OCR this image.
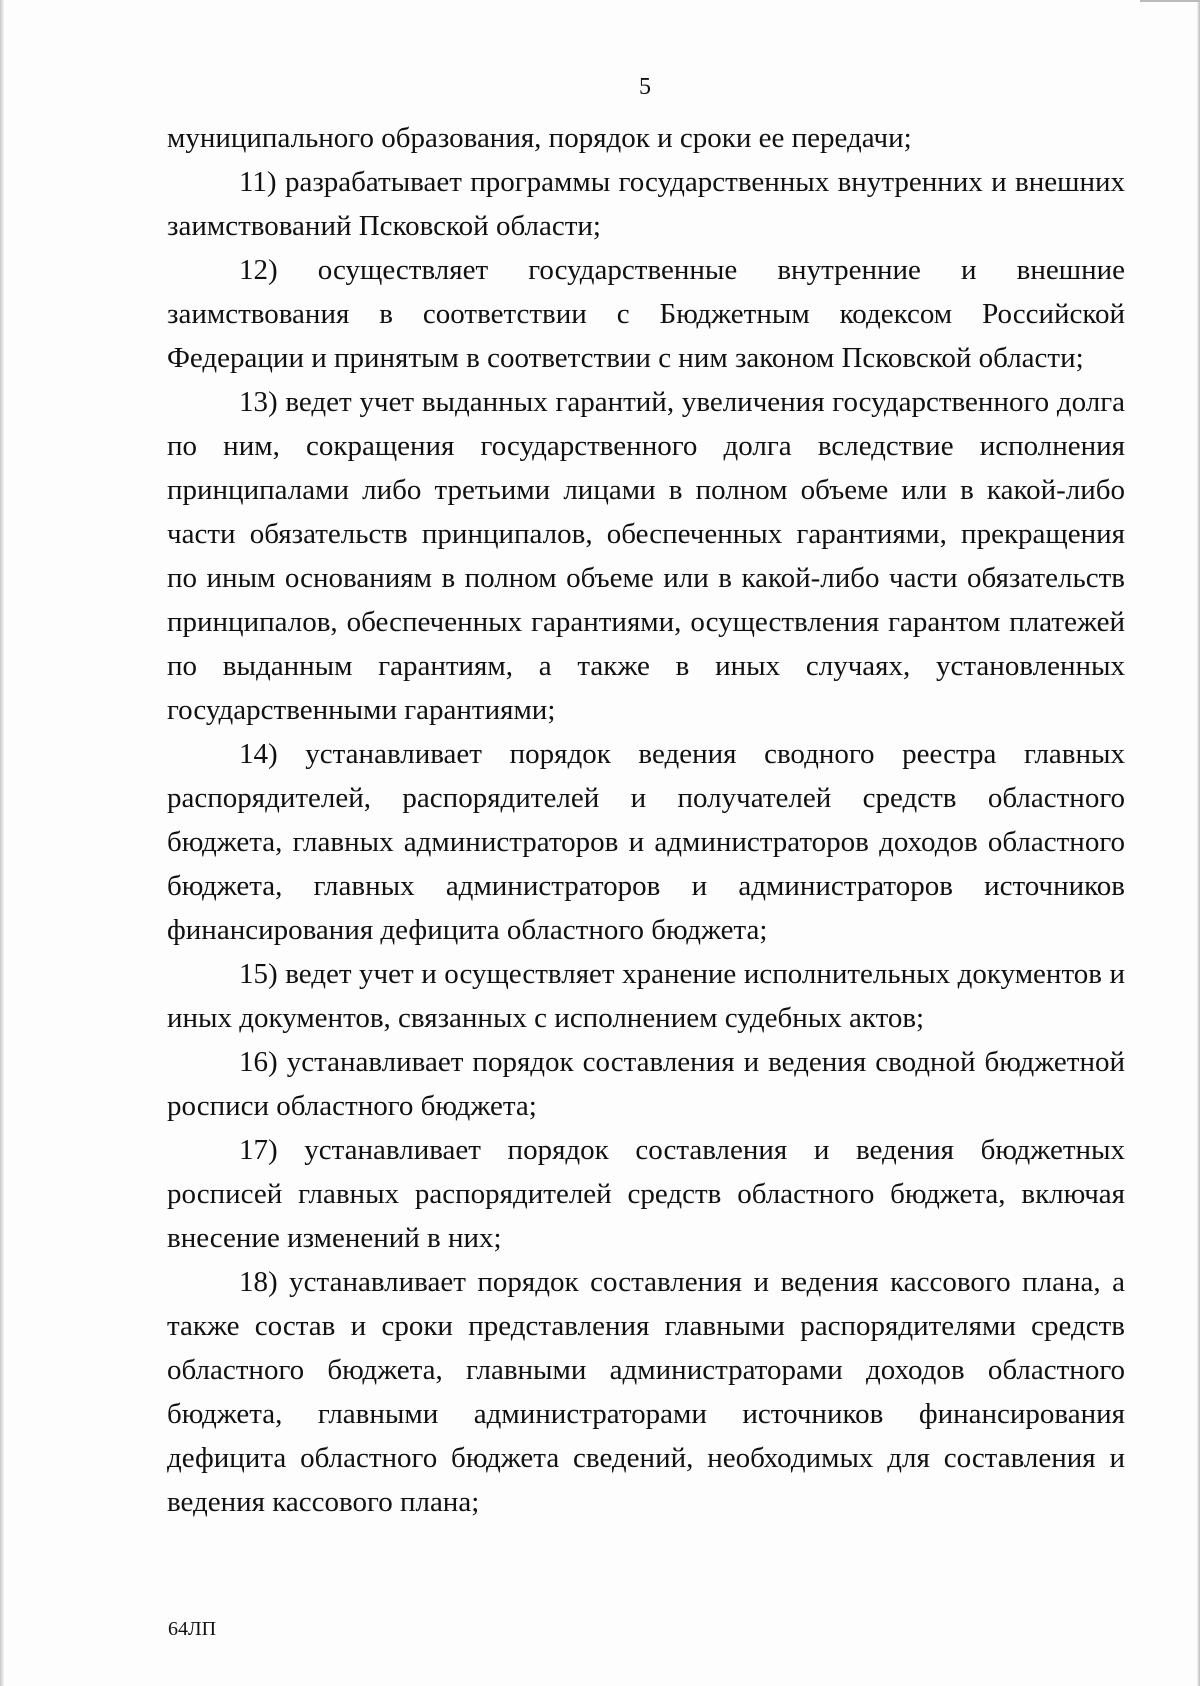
5

муниципального образования, порядок и сроки ее передачи;

11) разрабатывает программы государственных внутренних и внешних заимствований Псковской области;

12) осуществляет государственные внутренние и внешние заимствования в соответствии с Бюджетным кодексом Российской Федерации и принятым в соответствии с ним законом Псковской области;

13) ведет учет выданных гарантий, увеличения государственного долга по ним, сокращения государственного долга вследствие исполнения принципалами либо третьими лицами в полном объеме или в какой-либо части обязательств принципалов, обеспеченных гарантиями, прекращения по иным основаниям в полном объеме или в какой-либо части обязательств принципалов, обеспеченных гарантиями, осуществления гарантом платежей по выданным гарантиям, а также в иных случаях, установленных государственными гарантиями;

14) устанавливает порядок ведения сводного реестра главных распорядителей, распорядителей и получателей средств областного бюджета, главных администраторов и администраторов доходов областного бюджета, главных администраторов и администраторов источников финансирования дефицита областного бюджета;

15) ведет учет и осуществляет хранение исполнительных документов и иных документов, связанных с исполнением судебных актов;

16) устанавливает порядок составления и ведения сводной бюджетной росписи областного бюджета;

17) устанавливает порядок составления и ведения бюджетных росписей главных распорядителей средств областного бюджета, включая внесение изменений в них;

18) устанавливает порядок составления и ведения кассового плана, а также состав и сроки представления главными распорядителями средств областного бюджета, главными администраторами доходов областного бюджета, главными администраторами источников финансирования дефицита областного бюджета сведений, необходимых для составления и ведения кассового плана;

64ЛП
